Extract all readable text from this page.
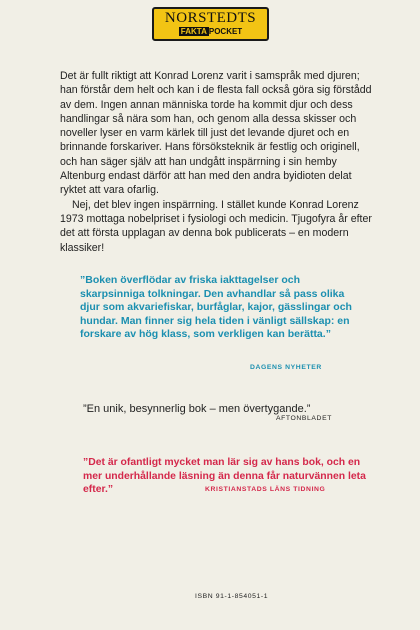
NORSTEDTS
FAKTA POCKET

Det är fullt riktigt att Konrad Lorenz varit i samspråk med djuren; han förstår dem helt och kan i de flesta fall också göra sig förstådd av dem. Ingen annan människa torde ha kommit djur och dess handlingar så nära som han, och genom alla dessa skisser och noveller lyser en varm kärlek till just det levande djuret och en brinnande forskariver. Hans försöksteknik är festlig och originell, och han säger själv att han undgått inspärrning i sin hemby Altenburg endast därför att han med den andra byidioten delat ryktet att vara ofarlig.

Nej, det blev ingen inspärrning. I stället kunde Konrad Lorenz 1973 mottaga nobelpriset i fysiologi och medicin. Tjugofyra år efter det att första upplagan av denna bok publicerats – en modern klassiker!

”Boken överflödar av friska iakttagelser och skarpsinniga tolkningar. Den avhandlar så pass olika djur som akvariefiskar, burfåglar, kajor, gässlingar och hundar. Man finner sig hela tiden i vänligt sällskap: en forskare av hög klass, som verkligen kan berätta.”

DAGENS NYHETER

”En unik, besynnerlig bok – men övertygande.”

AFTONBLADET

”Det är ofantligt mycket man lär sig av hans bok, och en mer underhållande läsning än denna får naturvännen leta efter.”	KRISTIANSTADS LÄNS TIDNING
ISBN 91-1-854051-1
